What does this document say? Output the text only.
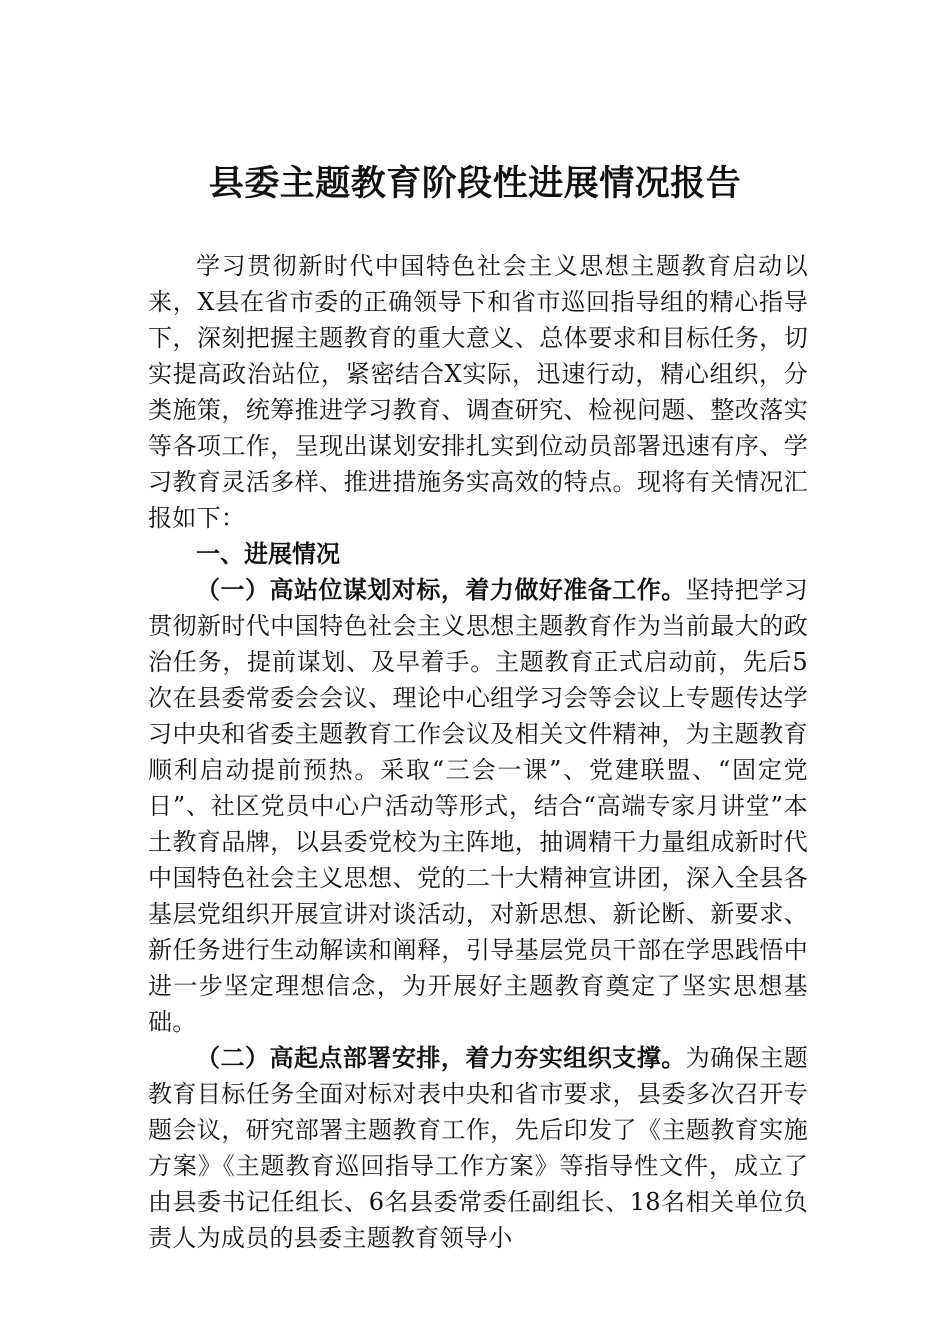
县委主题教育阶段性进展情况报告

学习贯彻新时代中国特色社会主义思想主题教育启动以来，X县在省市委的正确领导下和省市巡回指导组的精心指导下，深刻把握主题教育的重大意义、总体要求和目标任务，切实提高政治站位，紧密结合X实际，迅速行动，精心组织，分类施策，统筹推进学习教育、调查研究、检视问题、整改落实等各项工作，呈现出谋划安排扎实到位动员部署迅速有序、学习教育灵活多样、推进措施务实高效的特点。现将有关情况汇报如下：

一、进展情况

（一）高站位谋划对标，着力做好准备工作。坚持把学习贯彻新时代中国特色社会主义思想主题教育作为当前最大的政治任务，提前谋划、及早着手。主题教育正式启动前，先后5次在县委常委会会议、理论中心组学习会等会议上专题传达学习中央和省委主题教育工作会议及相关文件精神，为主题教育顺利启动提前预热。采取“三会一课”、党建联盟、“固定党日”、社区党员中心户活动等形式，结合“高端专家月讲堂”本土教育品牌，以县委党校为主阵地，抽调精干力量组成新时代中国特色社会主义思想、党的二十大精神宣讲团，深入全县各基层党组织开展宣讲对谈活动，对新思想、新论断、新要求、新任务进行生动解读和阐释，引导基层党员干部在学思践悟中进一步坚定理想信念，为开展好主题教育奠定了坚实思想基础。

（二）高起点部署安排，着力夯实组织支撑。为确保主题教育目标任务全面对标对表中央和省市要求，县委多次召开专题会议，研究部署主题教育工作，先后印发了《主题教育实施方案》《主题教育巡回指导工作方案》等指导性文件，成立了由县委书记任组长、6名县委常委任副组长、18名相关单位负责人为成员的县委主题教育领导小
